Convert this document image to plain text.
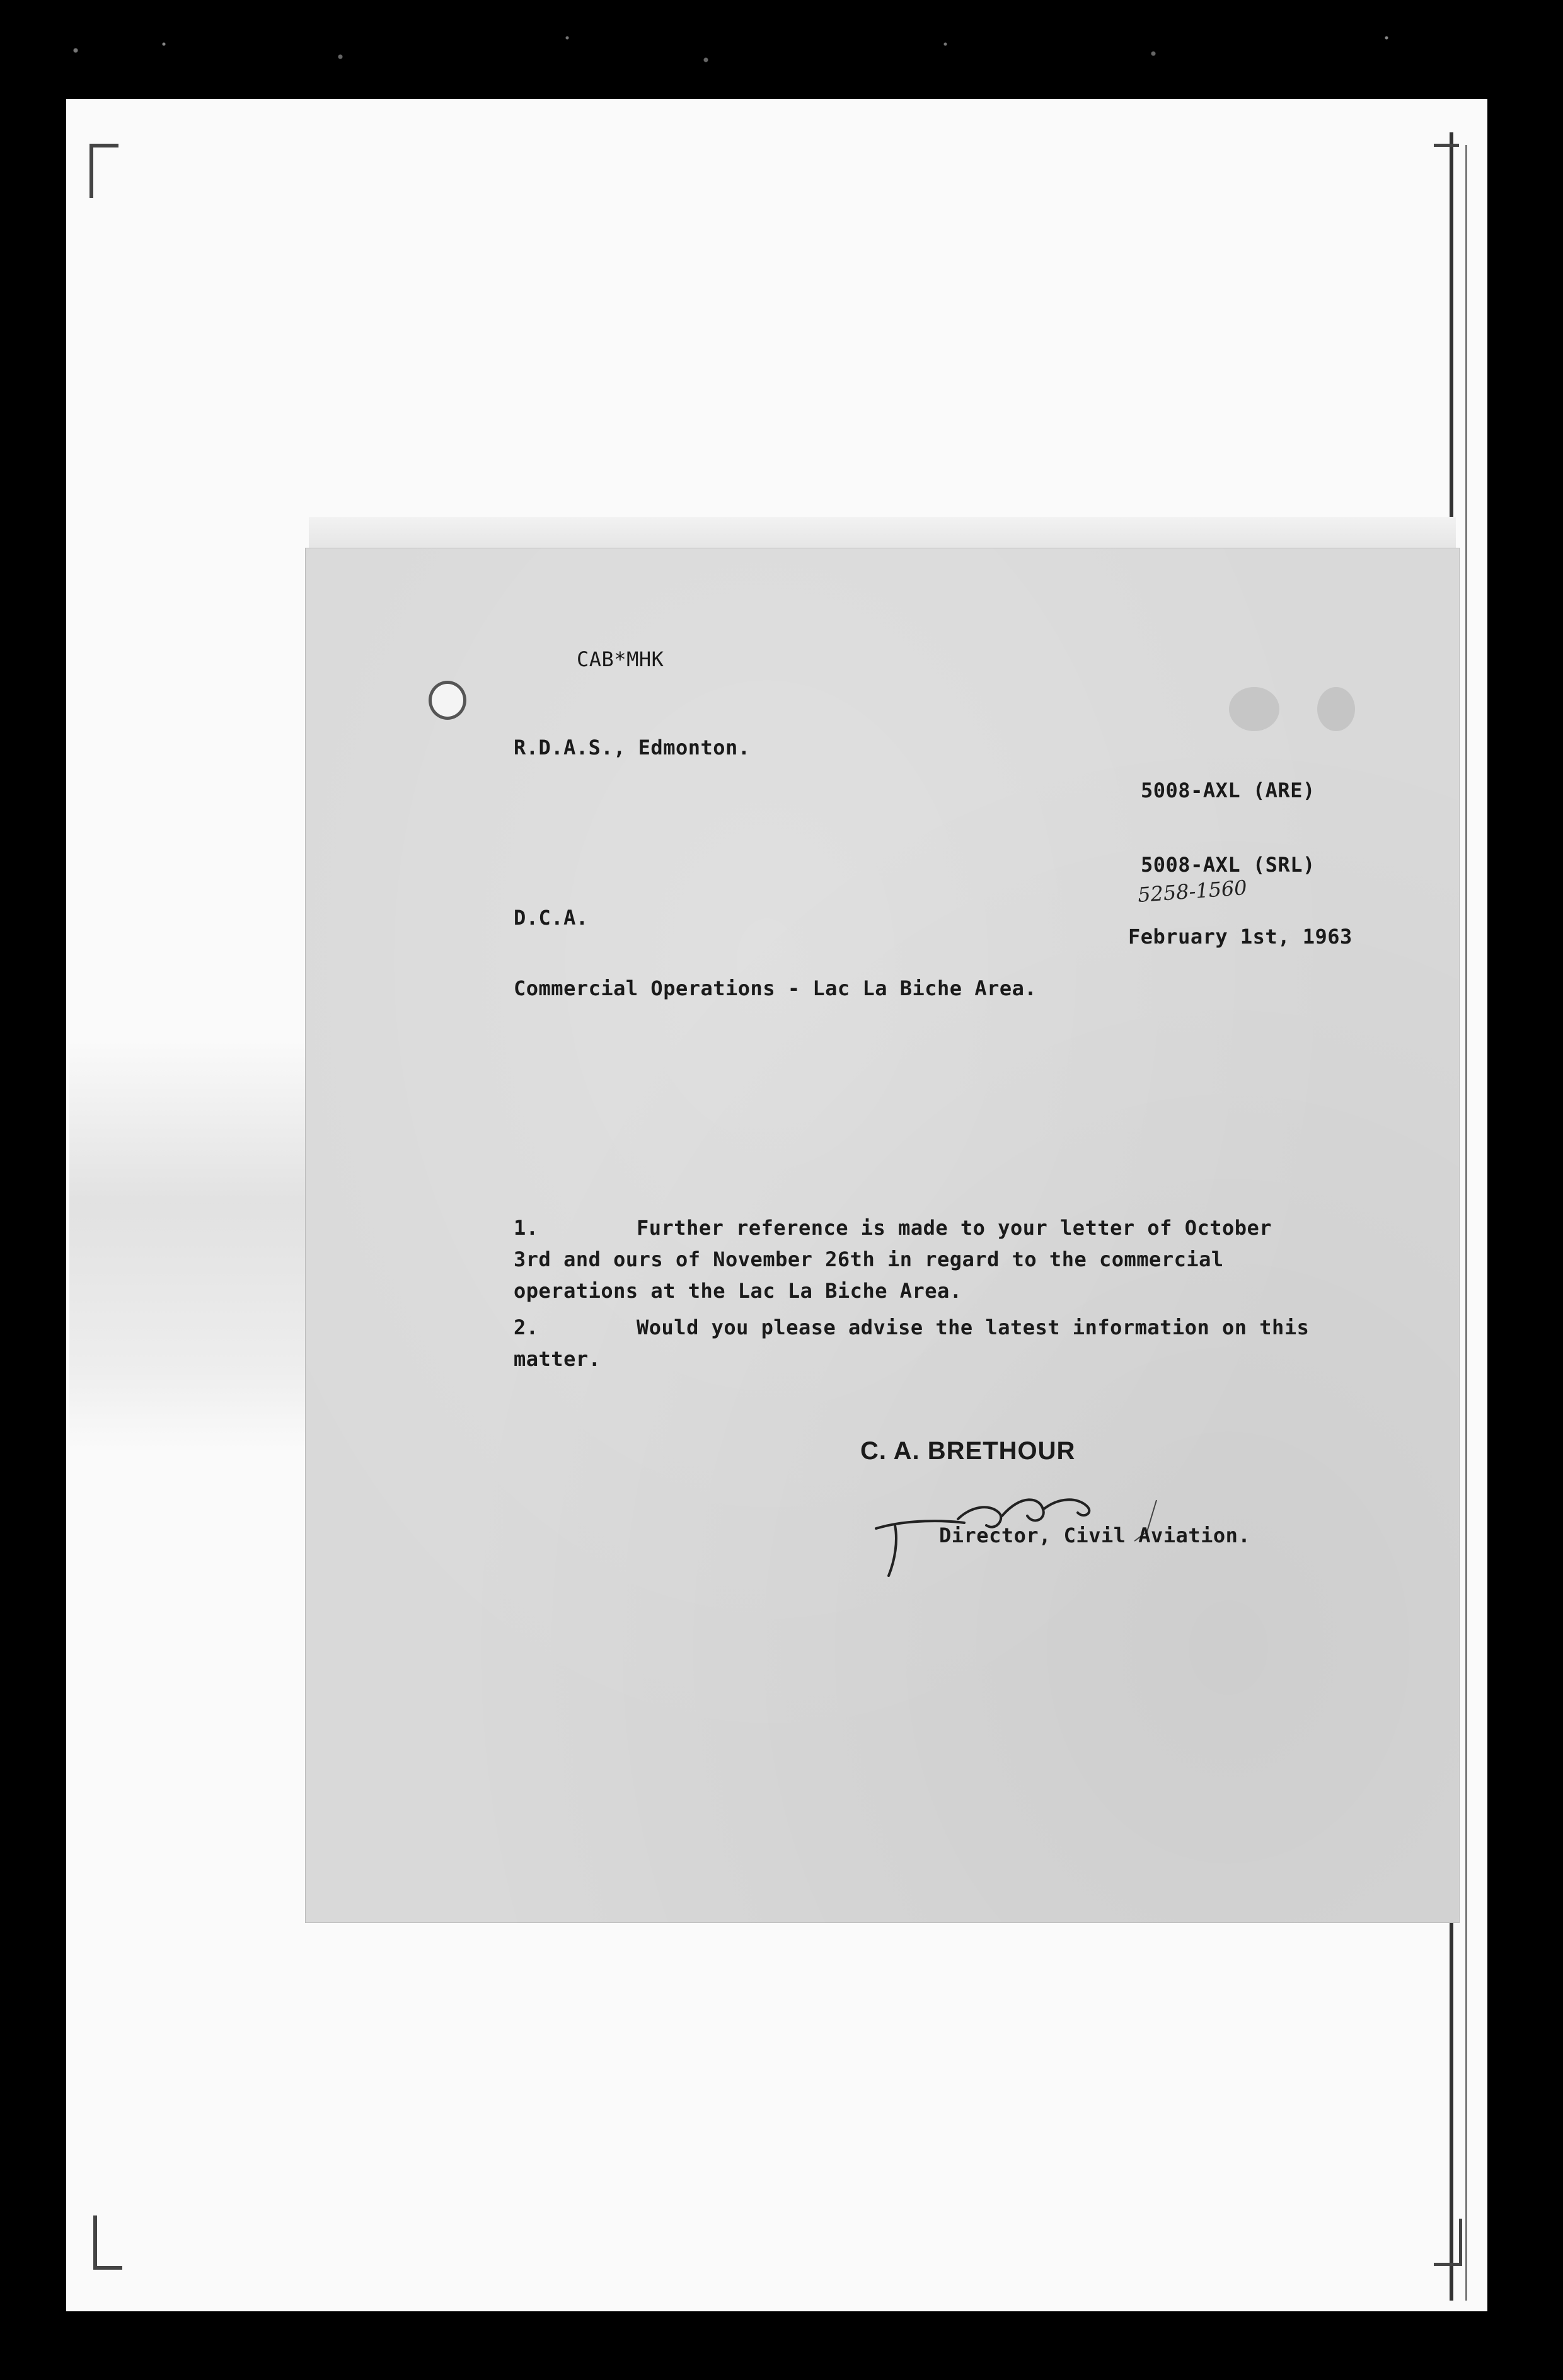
CAB*MHK
R.D.A.S., Edmonton.
5008-AXL (ARE)
5008-AXL (SRL)
5258-1560
D.C.A.
February 1st, 1963
Commercial Operations - Lac La Biche Area.
1.	Further reference is made to your letter of October
3rd and ours of November 26th in regard to the commercial
operations at the Lac La Biche Area.
2.	Would you please advise the latest information on this
matter.
C. A. BRETHOUR
Director, Civil Aviation.
